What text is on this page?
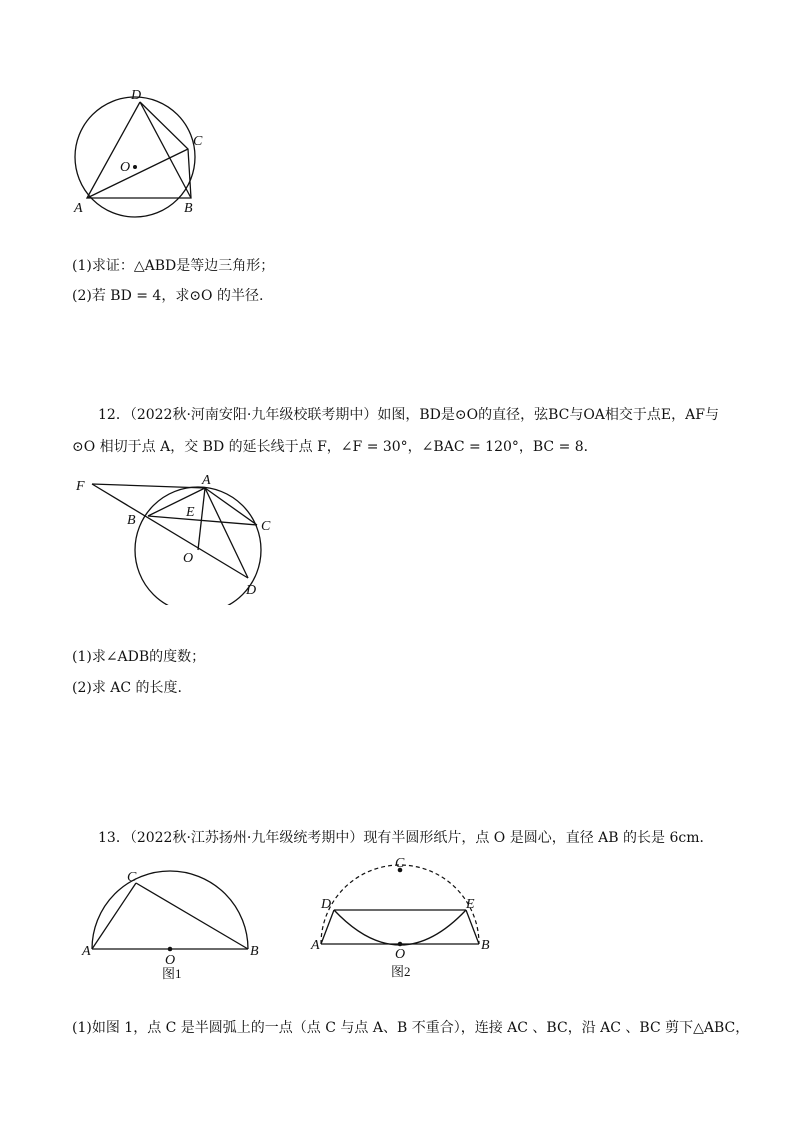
D
C
O
A	B
(1)求证：△ABD是等边三角形；
(2)若 BD = 4，求⊙O 的半径.
12．（2022秋·河南安阳·九年级校联考期中）如图，BD是⊙O的直径，弦BC与OA相交于点E，AF与
⊙O 相切于点 A，交 BD 的延长线于点 F，∠F = 30°，∠BAC = 120°，BC = 8．
F	A
B
E
C
O
D
(1)求∠ADB的度数；
(2)求 AC 的长度.
13．（2022秋·江苏扬州·九年级统考期中）现有半圆形纸片，点 O 是圆心，直径 AB 的长是 6cm．
C
A
O
B
图1
C
D	E
A
O
B
图2
(1)如图 1，点 C 是半圆弧上的一点（点 C 与点 A、B 不重合），连接 AC 、BC，沿 AC 、BC 剪下△ABC，
